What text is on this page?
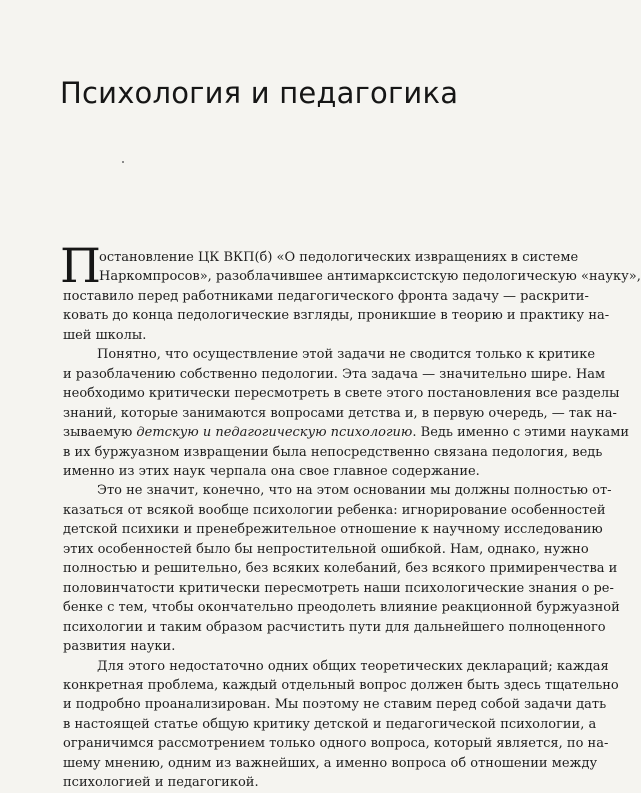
Психология и педагогика

П
остановление ЦК ВКП(б) «О педологических извращениях в системе
Наркомпросов», разоблачившее антимарксистскую педологическую «науку»,
поставило перед работниками педагогического фронта задачу — раскрити-
ковать до конца педологические взгляды, проникшие в теорию и практику на-
шей школы.

Понятно, что осуществление этой задачи не сводится только к критике
и разоблачению собственно педологии. Эта задача — значительно шире. Нам
необходимо критически пересмотреть в свете этого постановления все разделы
знаний, которые занимаются вопросами детства и, в первую очередь, — так на-
зываемую детскую и педагогическую психологию. Ведь именно с этими науками
в их буржуазном извращении была непосредственно связана педология, ведь
именно из этих наук черпала она свое главное содержание.

Это не значит, конечно, что на этом основании мы должны полностью от-
казаться от всякой вообще психологии ребенка: игнорирование особенностей
детской психики и пренебрежительное отношение к научному исследованию
этих особенностей было бы непростительной ошибкой. Нам, однако, нужно
полностью и решительно, без всяких колебаний, без всякого примиренчества и
половинчатости критически пересмотреть наши психологические знания о ре-
бенке с тем, чтобы окончательно преодолеть влияние реакционной буржуазной
психологии и таким образом расчистить пути для дальнейшего полноценного
развития науки.

Для этого недостаточно одних общих теоретических деклараций; каждая
конкретная проблема, каждый отдельный вопрос должен быть здесь тщательно
и подробно проанализирован. Мы поэтому не ставим перед собой задачи дать
в настоящей статье общую критику детской и педагогической психологии, а
ограничимся рассмотрением только одного вопроса, который является, по на-
шему мнению, одним из важнейших, а именно вопроса об отношении между
психологией и педагогикой.
